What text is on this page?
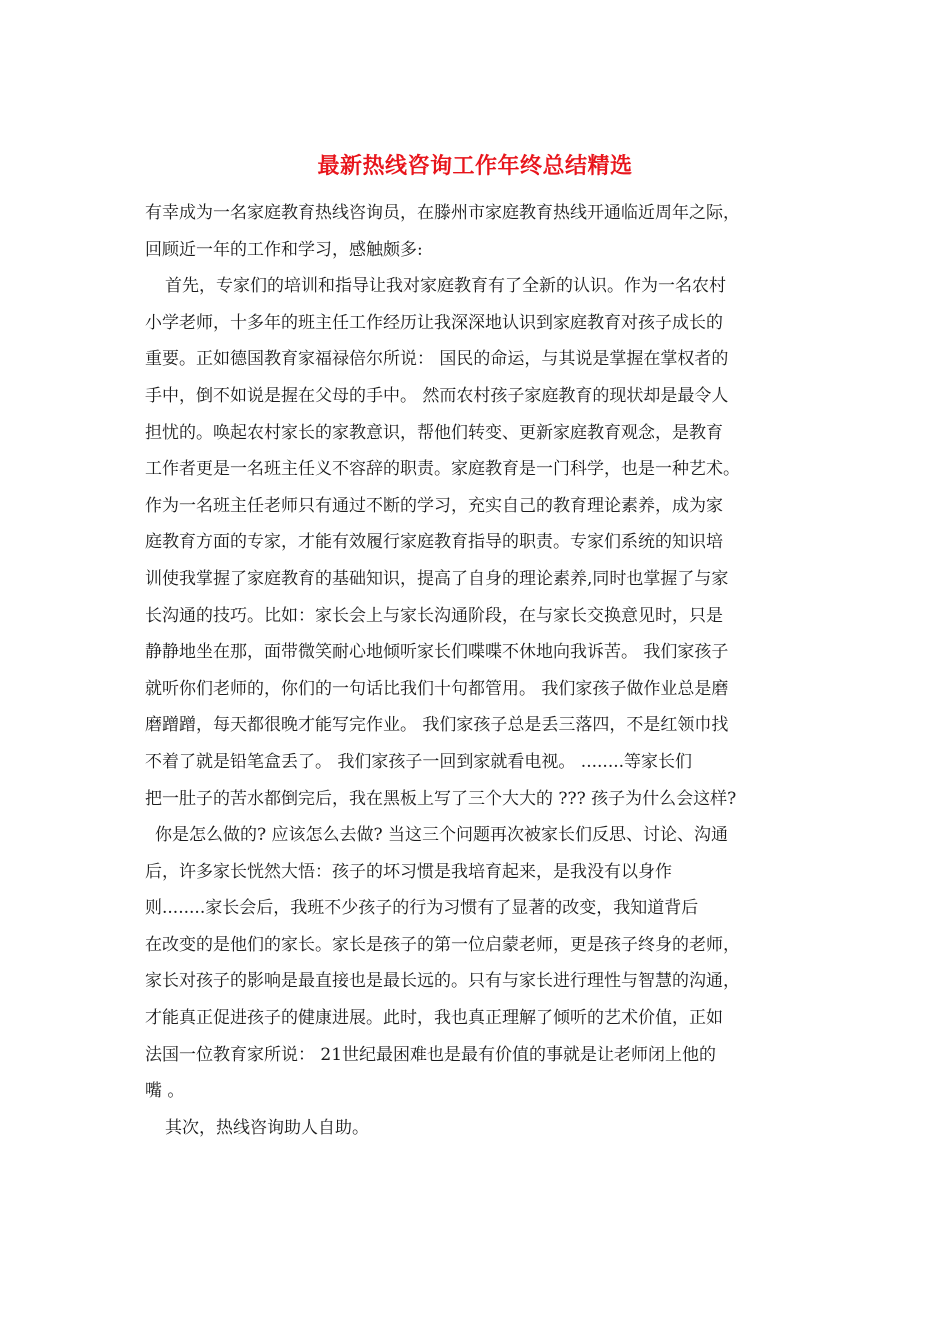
最新热线咨询工作年终总结精选
有幸成为一名家庭教育热线咨询员，在滕州市家庭教育热线开通临近周年之际，
回顾近一年的工作和学习，感触颇多:
首先，专家们的培训和指导让我对家庭教育有了全新的认识。作为一名农村
小学老师，十多年的班主任工作经历让我深深地认识到家庭教育对孩子成长的
重要。正如德国教育家福禄倍尔所说： 国民的命运，与其说是掌握在掌权者的
手中，倒不如说是握在父母的手中。 然而农村孩子家庭教育的现状却是最令人
担忧的。唤起农村家长的家教意识，帮他们转变、更新家庭教育观念，是教育
工作者更是一名班主任义不容辞的职责。家庭教育是一门科学，也是一种艺术。
作为一名班主任老师只有通过不断的学习，充实自己的教育理论素养，成为家
庭教育方面的专家，才能有效履行家庭教育指导的职责。专家们系统的知识培
训使我掌握了家庭教育的基础知识，提高了自身的理论素养,同时也掌握了与家
长沟通的技巧。比如：家长会上与家长沟通阶段，在与家长交换意见时，只是
静静地坐在那，面带微笑耐心地倾听家长们喋喋不休地向我诉苦。 我们家孩子
就听你们老师的，你们的一句话比我们十句都管用。 我们家孩子做作业总是磨
磨蹭蹭，每天都很晚才能写完作业。 我们家孩子总是丢三落四，不是红领巾找
不着了就是铅笔盒丢了。 我们家孩子一回到家就看电视。 ........等家长们
把一肚子的苦水都倒完后，我在黑板上写了三个大大的 ??? 孩子为什么会这样?
你是怎么做的? 应该怎么去做? 当这三个问题再次被家长们反思、讨论、沟通
后，许多家长恍然大悟：孩子的坏习惯是我培育起来，是我没有以身作
则........家长会后，我班不少孩子的行为习惯有了显著的改变，我知道背后
在改变的是他们的家长。家长是孩子的第一位启蒙老师，更是孩子终身的老师，
家长对孩子的影响是最直接也是最长远的。只有与家长进行理性与智慧的沟通，
才能真正促进孩子的健康进展。此时，我也真正理解了倾听的艺术价值，正如
法国一位教育家所说： 21世纪最困难也是最有价值的事就是让老师闭上他的
嘴 。
其次，热线咨询助人自助。
